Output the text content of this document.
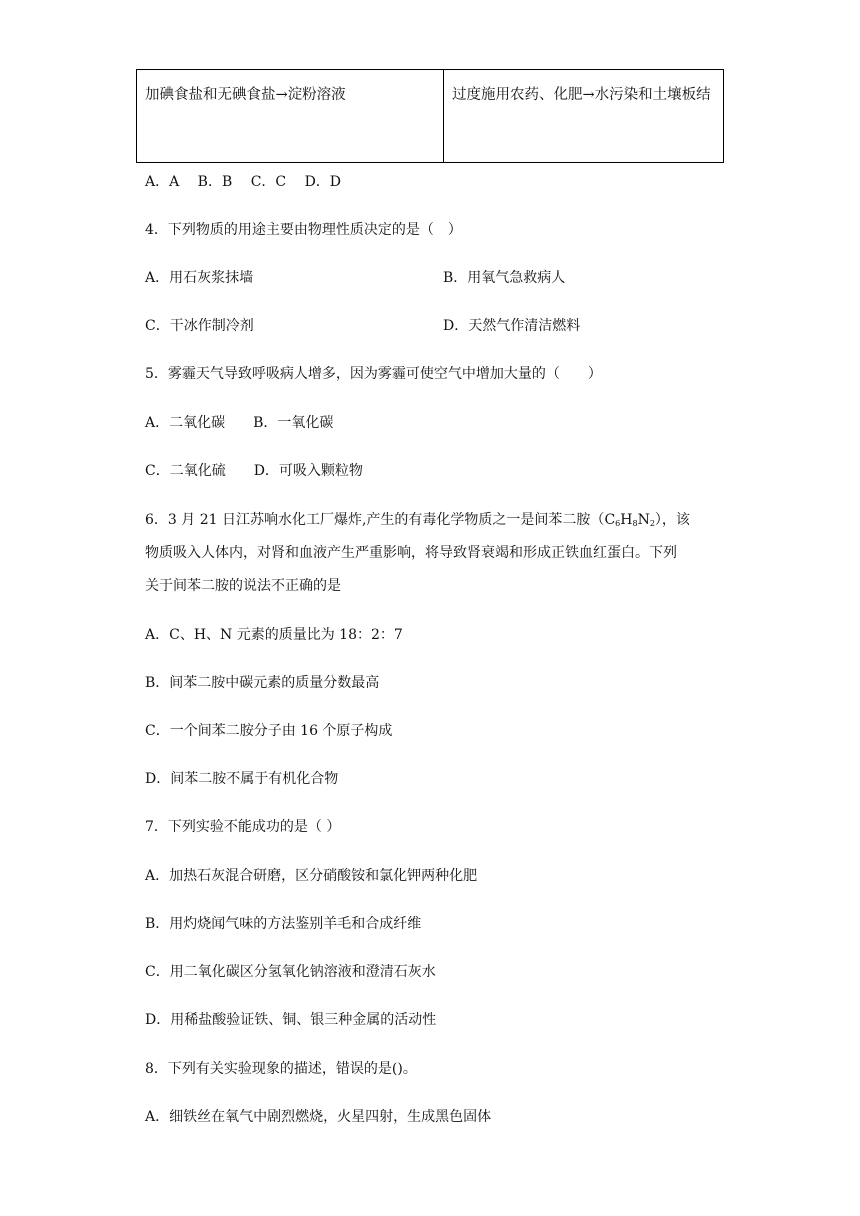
加碘食盐和无碘食盐→淀粉溶液	过度施用农药、化肥→水污染和土壤板结
A．A　 B．B　 C．C　 D．D
4．下列物质的用途主要由物理性质决定的是（　）
A．用石灰浆抹墙	B．用氧气急救病人
C．干冰作制冷剂	D．天然气作清洁燃料
5．雾霾天气导致呼吸病人增多，因为雾霾可使空气中增加大量的（　　）
A．二氧化碳　　B．一氧化碳
C．二氧化硫　　D．可吸入颗粒物
6．3 月 21 日江苏响水化工厂爆炸,产生的有毒化学物质之一是间苯二胺$(C_6H_8N_2)$，该
物质吸入人体内，对肾和血液产生严重影响，将导致肾衰竭和形成正铁血红蛋白。下列
关于间苯二胺的说法不正确的是
A．C、H、N 元素的质量比为 18：2：7
B．间苯二胺中碳元素的质量分数最高
C．一个间苯二胺分子由 16 个原子构成
D．间苯二胺不属于有机化合物
7．下列实验不能成功的是（ ）
A．加热石灰混合研磨，区分硝酸铵和氯化钾两种化肥
B．用灼烧闻气味的方法鉴别羊毛和合成纤维
C．用二氧化碳区分氢氧化钠溶液和澄清石灰水
D．用稀盐酸验证铁、铜、银三种金属的活动性
8．下列有关实验现象的描述，错误的是()。
A．细铁丝在氧气中剧烈燃烧，火星四射，生成黑色固体
